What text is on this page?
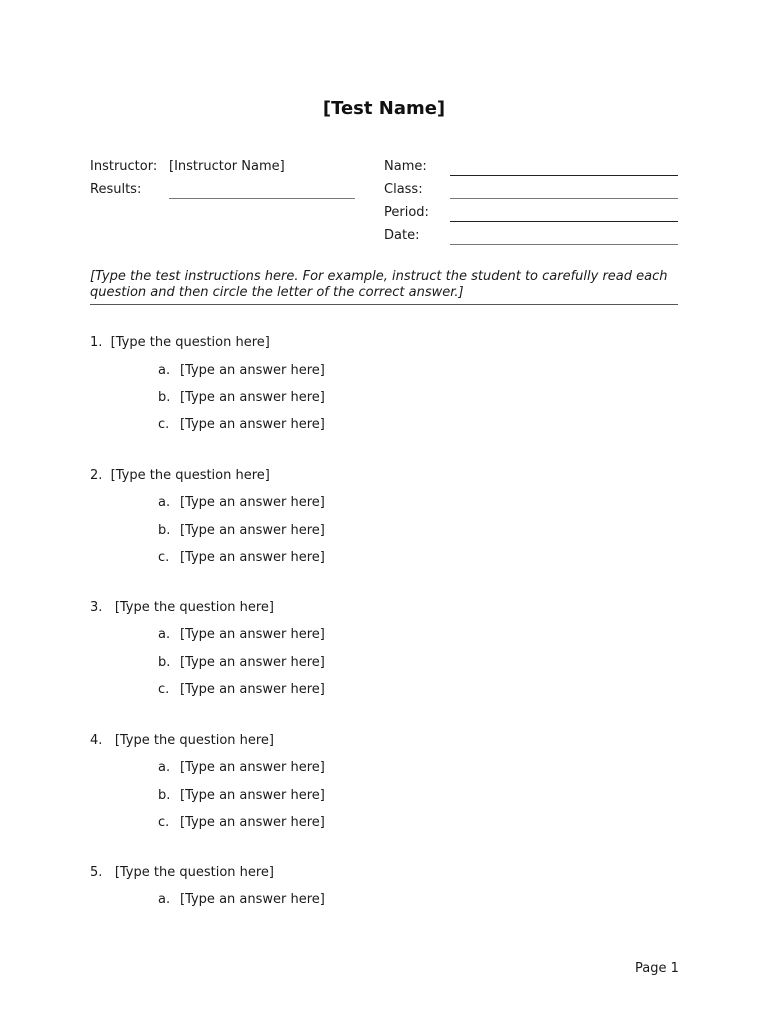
[Test Name]
Instructor: [Instructor Name]
Results:
Name:
Class:
Period:
Date:
[Type the test instructions here. For example, instruct the student to carefully read each
question and then circle the letter of the correct answer.]
1. [Type the question here]
a. [Type an answer here]
b. [Type an answer here]
c. [Type an answer here]
2. [Type the question here]
a. [Type an answer here]
b. [Type an answer here]
c. [Type an answer here]
3. [Type the question here]
a. [Type an answer here]
b. [Type an answer here]
c. [Type an answer here]
4. [Type the question here]
a. [Type an answer here]
b. [Type an answer here]
c. [Type an answer here]
5. [Type the question here]
a. [Type an answer here]
Page 1
